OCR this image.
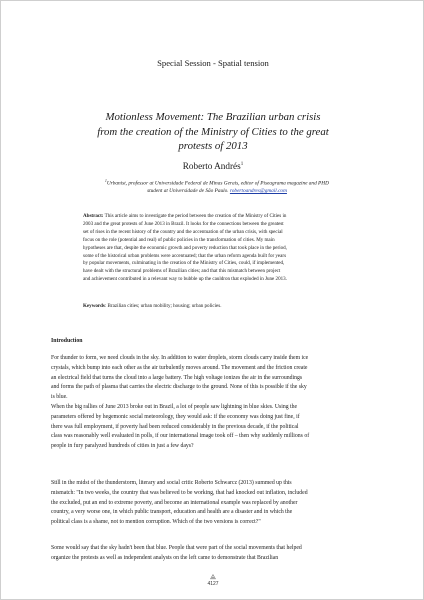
Special Session - Spatial tension
Motionless Movement: The Brazilian urban crisis
from the creation of the Ministry of Cities to the great
protests of 2013
Roberto Andrés$^1$
$^1$Urbanist, professor at Universidade Federal de Minas Gerais, editor of Piseagrama magazine and PHD
student at Universidade de São Paulo. robertoandres@gmail.com
Abstract: This article aims to investigate the period between the creation of the Ministry of Cities in
2003 and the great protests of June 2013 in Brazil. It looks for the connections between the greatest
set of rises in the recent history of the country and the accentuation of the urban crisis, with special
focus on the role (potential and real) of public policies in the transformation of cities. My main
hypotheses are that, despite the economic growth and poverty reduction that took place in the period,
some of the historical urban problems were accentuated; that the urban reform agenda built for years
by popular movements, culminating in the creation of the Ministry of Cities, could, if implemented,
have dealt with the structural problems of Brazilian cities; and that this mismatch between project
and achievement contributed in a relevant way to bubble up the cauldron that exploded in June 2013.
Keywords: Brazilian cities; urban mobility; housing; urban policies.
Introduction
For thunder to form, we need clouds in the sky. In addition to water droplets, storm clouds carry inside them ice
crystals, which bump into each other as the air turbulently moves around. The movement and the friction create
an electrical field that turns the cloud into a large battery. The high voltage ionizes the air in the surroundings
and forms the path of plasma that carries the electric discharge to the ground. None of this is possible if the sky
is blue.
When the big rallies of June 2013 broke out in Brazil, a lot of people saw lightning in blue skies. Using the
parameters offered by hegemonic social meteorology, they would ask: if the economy was doing just fine, if
there was full employment, if poverty had been reduced considerably in the previous decade, if the political
class was reasonably well evaluated in polls, if our international image took off – then why suddenly millions of
people in fury paralyzed hundreds of cities in just a few days?
Still in the midst of the thunderstorm, literary and social critic Roberto Schwarcz (2013) summed up this
mismatch: "In two weeks, the country that was believed to be working, that had knocked out inflation, included
the excluded, put an end to extreme poverty, and become an international example was replaced by another
country, a very worse one, in which public transport, education and health are a disaster and in which the
political class is a shame, not to mention corruption. Which of the two versions is correct?"
Some would say that the sky hadn't been that blue. People that were part of the social movements that helped
organize the protests as well as independent analysts on the left came to demonstrate that Brazilian
4127
